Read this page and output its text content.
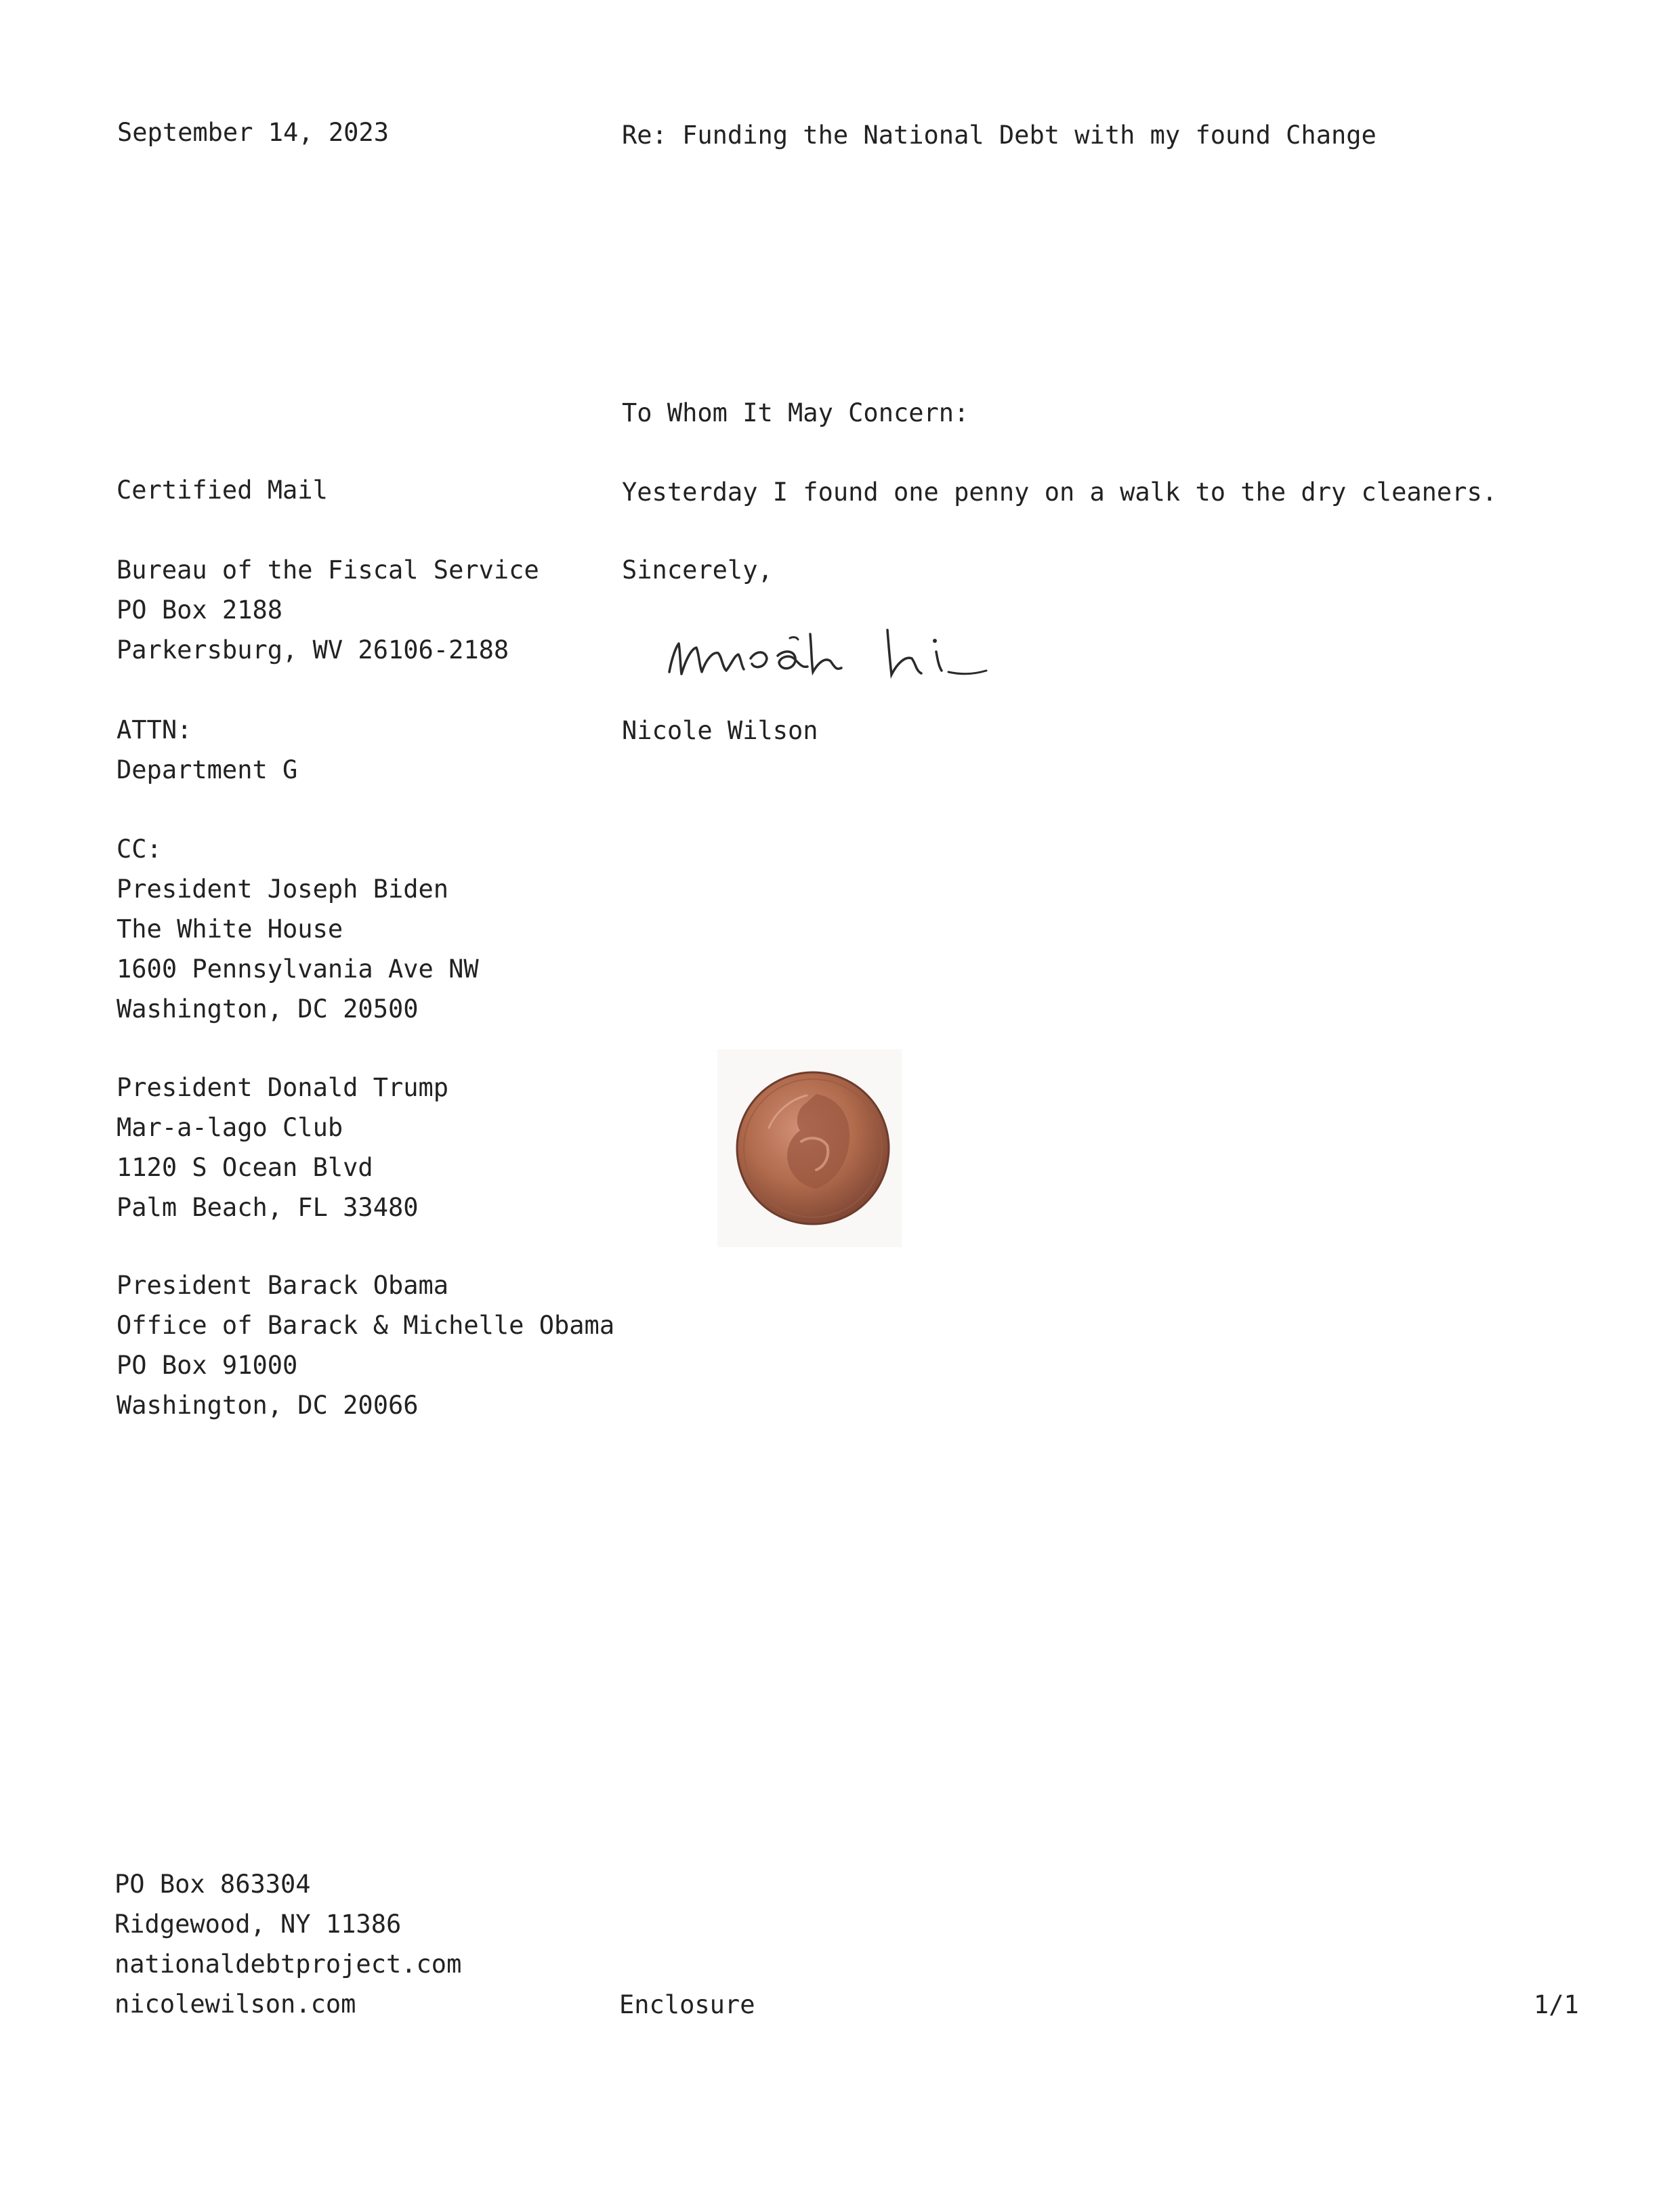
September 14, 2023	Re: Funding the National Debt with my found Change
Certified Mail
Bureau of the Fiscal Service
PO Box 2188
Parkersburg, WV 26106-2188
ATTN:
Department G
CC:
President Joseph Biden
The White House
1600 Pennsylvania Ave NW
Washington, DC 20500
President Donald Trump
Mar-a-lago Club
1120 S Ocean Blvd
Palm Beach, FL 33480
President Barack Obama
Office of Barack & Michelle Obama
PO Box 91000
Washington, DC 20066
To Whom It May Concern:
Yesterday I found one penny on a walk to the dry cleaners.
Sincerely,
Nicole Wilson
PO Box 863304
Ridgewood, NY 11386
nationaldebtproject.com
nicolewilson.com	Enclosure	1/1
